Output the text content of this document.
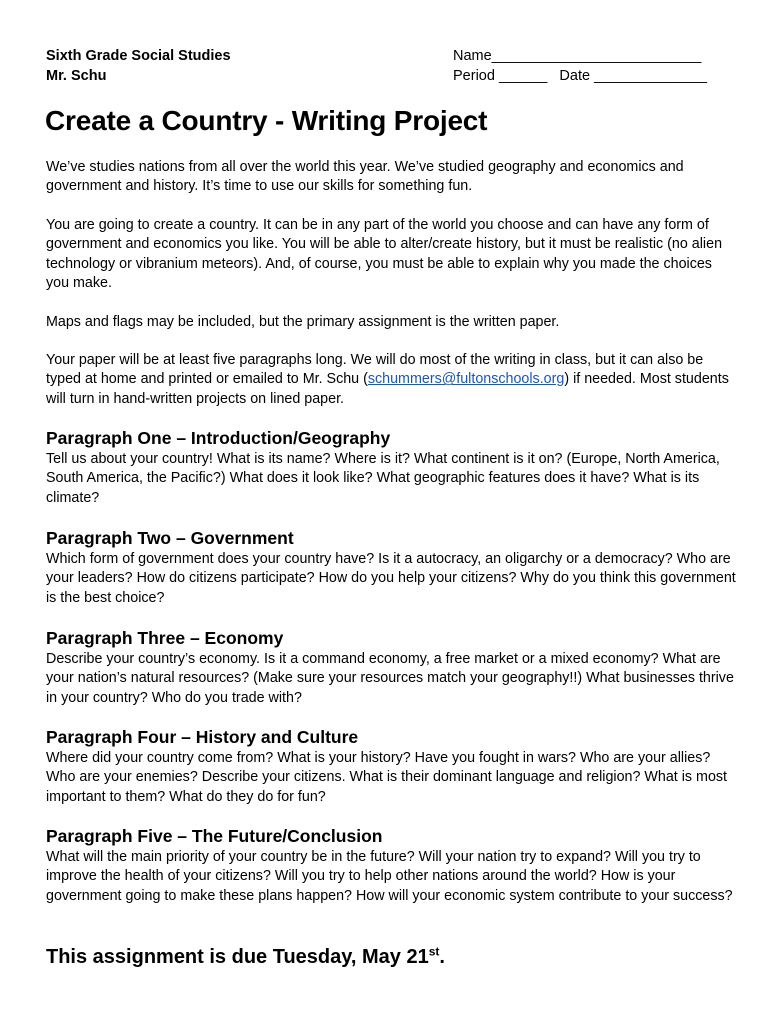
Sixth Grade Social Studies
Mr. Schu
Name__________________________
Period ______   Date ______________
Create a Country - Writing Project

We’ve studies nations from all over the world this year. We’ve studied geography and economics and government and history. It’s time to use our skills for something fun.

You are going to create a country. It can be in any part of the world you choose and can have any form of government and economics you like. You will be able to alter/create history, but it must be realistic (no alien technology or vibranium meteors). And, of course, you must be able to explain why you made the choices you make.

Maps and flags may be included, but the primary assignment is the written paper.

Your paper will be at least five paragraphs long. We will do most of the writing in class, but it can also be typed at home and printed or emailed to Mr. Schu (schummers@fultonschools.org) if needed. Most students will turn in hand-written projects on lined paper.

Paragraph One – Introduction/Geography

Tell us about your country! What is its name? Where is it? What continent is it on? (Europe, North America, South America, the Pacific?) What does it look like? What geographic features does it have? What is its climate?

Paragraph Two – Government

Which form of government does your country have? Is it a autocracy, an oligarchy or a democracy? Who are your leaders? How do citizens participate? How do you help your citizens? Why do you think this government is the best choice?

Paragraph Three – Economy

Describe your country’s economy. Is it a command economy, a free market or a mixed economy? What are your nation’s natural resources? (Make sure your resources match your geography!!) What businesses thrive in your country? Who do you trade with?

Paragraph Four – History and Culture

Where did your country come from? What is your history? Have you fought in wars? Who are your allies? Who are your enemies? Describe your citizens. What is their dominant language and religion? What is most important to them? What do they do for fun?

Paragraph Five – The Future/Conclusion

What will the main priority of your country be in the future? Will your nation try to expand? Will you try to improve the health of your citizens? Will you try to help other nations around the world? How is your government going to make these plans happen? How will your economic system contribute to your success?

This assignment is due Tuesday, May 21st.
